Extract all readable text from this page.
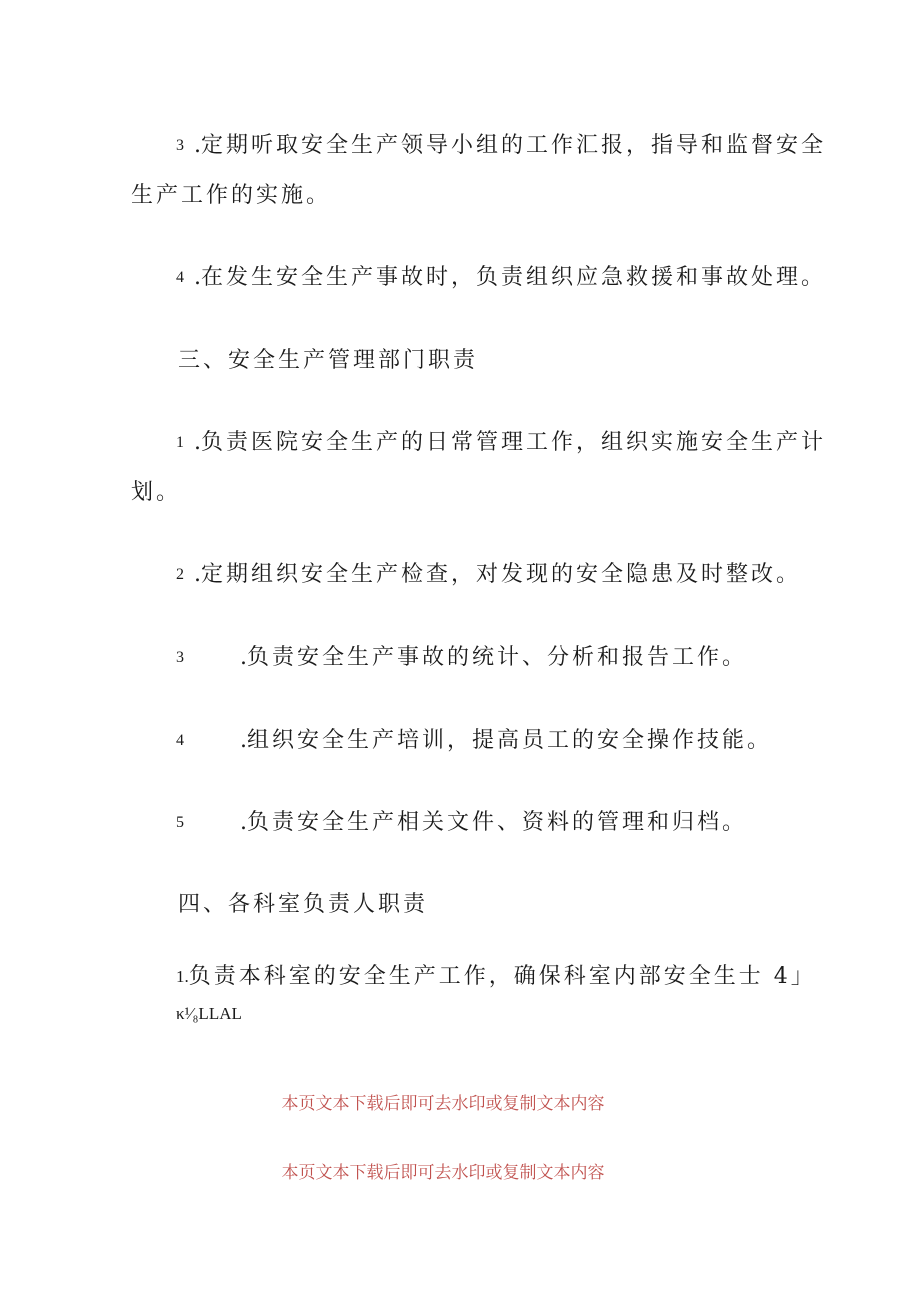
3 .定期听取安全生产领导小组的工作汇报，指导和监督安全
生产工作的实施。
4 .在发生安全生产事故时，负责组织应急救援和事故处理。
三、安全生产管理部门职责
1 .负责医院安全生产的日常管理工作，组织实施安全生产计
划。
2 .定期组织安全生产检查，对发现的安全隐患及时整改。
3	.负责安全生产事故的统计、分析和报告工作。
4	.组织安全生产培训，提高员工的安全操作技能。
5	.负责安全生产相关文件、资料的管理和归档。
四、各科室负责人职责
1.负责本科室的安全生产工作，确保科室内部安全生士 4」
κ¹⁄₈LLAL
本页文本下载后即可去水印或复制文本内容
本页文本下载后即可去水印或复制文本内容
